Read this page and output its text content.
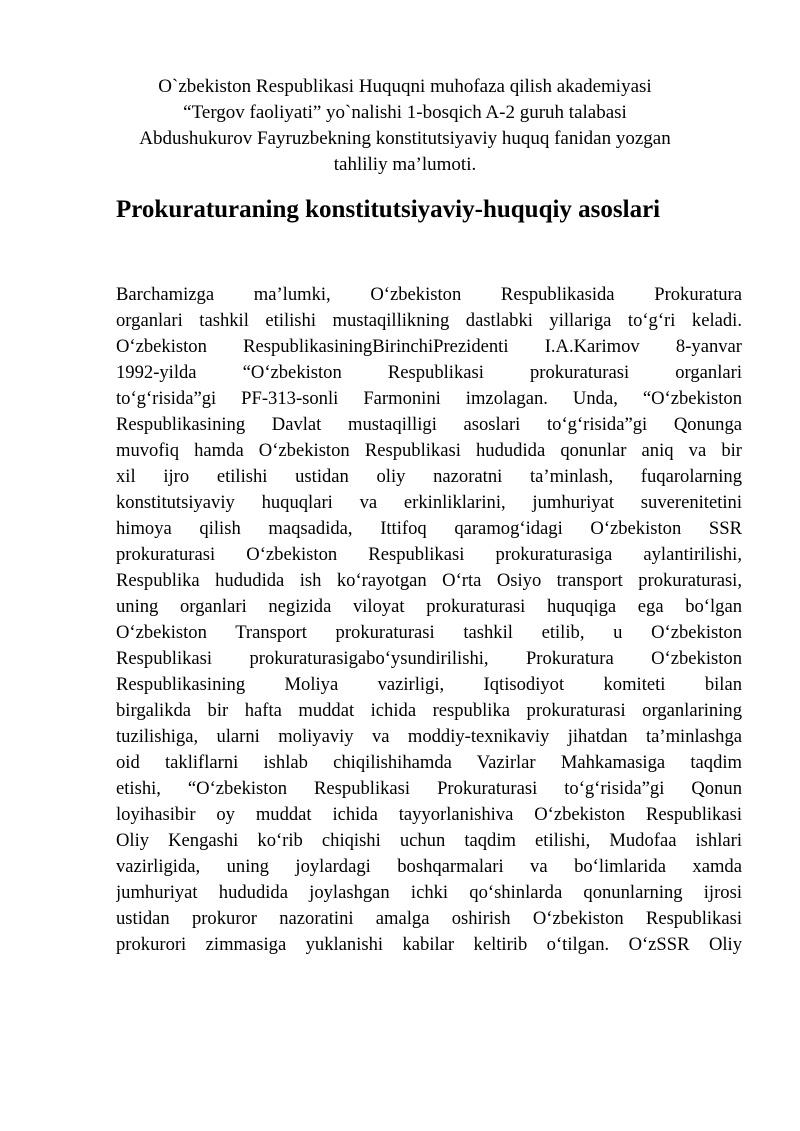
O`zbekiston Respublikasi Huquqni muhofaza qilish akademiyasi
“Tergov faoliyati” yo`nalishi 1-bosqich A-2 guruh talabasi
Abdushukurov Fayruzbekning konstitutsiyaviy huquq fanidan yozgan
tahliliy ma’lumoti.
Prokuraturaning konstitutsiyaviy-huquqiy asoslari
Barchamizga ma’lumki, O‘zbekiston Respublikasida Prokuratura
organlari tashkil etilishi mustaqillikning dastlabki yillariga to‘g‘ri keladi.
O‘zbekiston RespublikasiningBirinchiPrezidenti I.A.Karimov 8-yanvar
1992-yilda “O‘zbekiston Respublikasi prokuraturasi organlari
to‘g‘risida”gi PF-313-sonli Farmonini imzolagan. Unda, “O‘zbekiston
Respublikasining Davlat mustaqilligi asoslari to‘g‘risida”gi Qonunga
muvofiq hamda O‘zbekiston Respublikasi hududida qonunlar aniq va bir
xil ijro etilishi ustidan oliy nazoratni ta’minlash, fuqarolarning
konstitutsiyaviy huquqlari va erkinliklarini, jumhuriyat suverenitetini
himoya qilish maqsadida, Ittifoq qaramog‘idagi O‘zbekiston SSR
prokuraturasi O‘zbekiston Respublikasi prokuraturasiga aylantirilishi,
Respublika hududida ish ko‘rayotgan O‘rta Osiyo transport prokuraturasi,
uning organlari negizida viloyat prokuraturasi huquqiga ega bo‘lgan
O‘zbekiston Transport prokuraturasi tashkil etilib, u O‘zbekiston
Respublikasi prokuraturasigabo‘ysundirilishi, Prokuratura O‘zbekiston
Respublikasining Moliya vazirligi, Iqtisodiyot komiteti bilan
birgalikda bir hafta muddat ichida respublika prokuraturasi organlarining
tuzilishiga, ularni moliyaviy va moddiy-texnikaviy jihatdan ta’minlashga
oid takliflarni ishlab chiqilishihamda Vazirlar Mahkamasiga taqdim
etishi, “O‘zbekiston Respublikasi Prokuraturasi to‘g‘risida”gi Qonun
loyihasibir oy muddat ichida tayyorlanishiva O‘zbekiston Respublikasi
Oliy Kengashi ko‘rib chiqishi uchun taqdim etilishi, Mudofaa ishlari
vazirligida, uning joylardagi boshqarmalari va bo‘limlarida xamda
jumhuriyat hududida joylashgan ichki qo‘shinlarda qonunlarning ijrosi
ustidan prokuror nazoratini amalga oshirish O‘zbekiston Respublikasi
prokurori zimmasiga yuklanishi kabilar keltirib o‘tilgan. O‘zSSR Oliy
